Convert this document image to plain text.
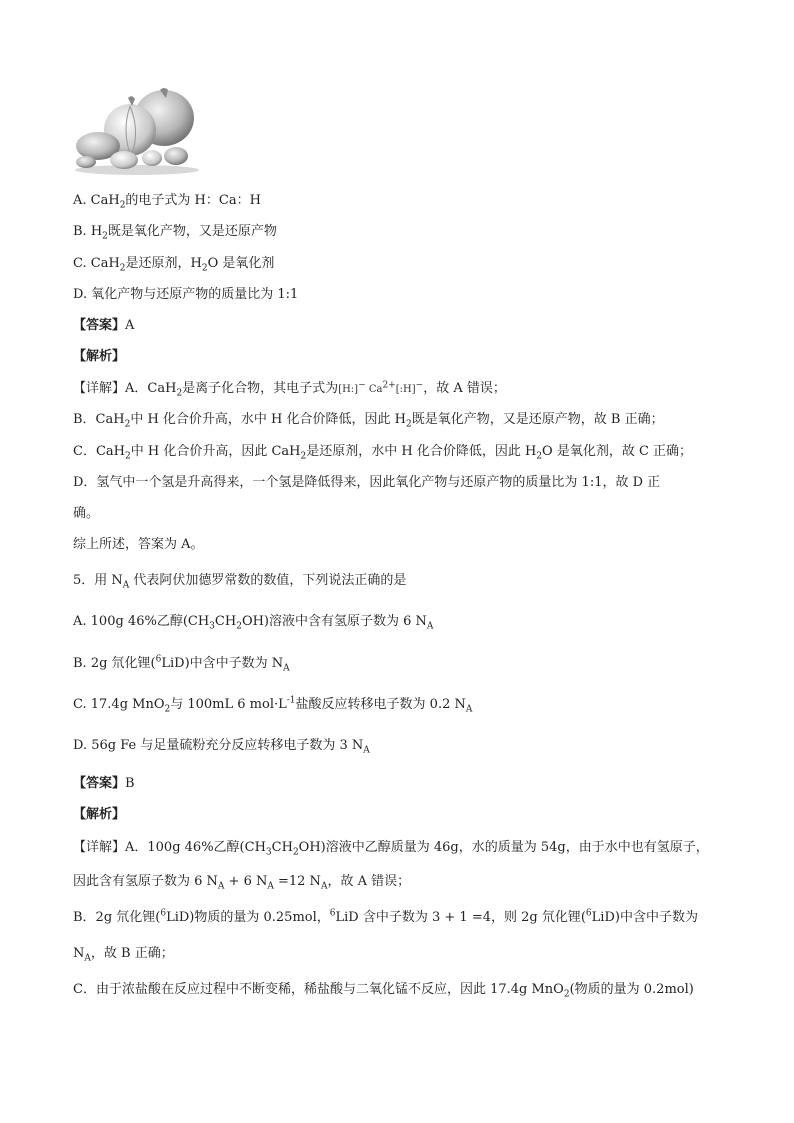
A. CaH$_2$的电子式为 H：Ca：H
B. $H_2$既是氧化产物，又是还原产物
C. CaH$_2$是还原剂，$H_2O$ 是氧化剂
D. 氧化产物与还原产物的质量比为 1:1
【答案】A
【解析】
【详解】A．CaH$_2$是离子化合物，其电子式为[H:]− $Ca^{2+}[:H]^-$，故 A 错误；
B．CaH$_2$中 H 化合价升高，水中 H 化合价降低，因此 $H_2$既是氧化产物，又是还原产物，故 B 正确；
C．CaH$_2$中 H 化合价升高，因此 CaH$_2$是还原剂，水中 H 化合价降低，因此 $H_2O$ 是氧化剂，故 C 正确；
D．氢气中一个氢是升高得来，一个氢是降低得来，因此氧化产物与还原产物的质量比为 1:1，故 D 正
确。
综上所述，答案为 A。
5．用 $N_A$ 代表阿伏加德罗常数的数值，下列说法正确的是
A. 100g 46%乙醇$(CH_3CH_2OH)$溶液中含有氢原子数为 6 $N_A$
B. 2g 氘化锂($^6$LiD)中含中子数为 $N_A$
C. 17.4g MnO$_2$与 100mL 6 $mol\cdot L^{-1}$盐酸反应转移电子数为 0.2 $N_A$
D. 56g Fe 与足量硫粉充分反应转移电子数为 3 $N_A$
【答案】B
【解析】
【详解】A．100g 46%乙醇$(CH_3CH_2OH)$溶液中乙醇质量为 46g，水的质量为 54g，由于水中也有氢原子，
因此含有氢原子数为 6 $N_A + 6$ $N_A =12$ $N_A$，故 A 错误；
B．2g 氘化锂($^6$LiD)物质的量为 0.25mol，$^6$LiD 含中子数为 3 + 1 =4，则 2g 氘化锂($^6$LiD)中含中子数为
$N_A$，故 B 正确；
C．由于浓盐酸在反应过程中不断变稀，稀盐酸与二氧化锰不反应，因此 17.4g MnO$_2$(物质的量为 0.2mol)
